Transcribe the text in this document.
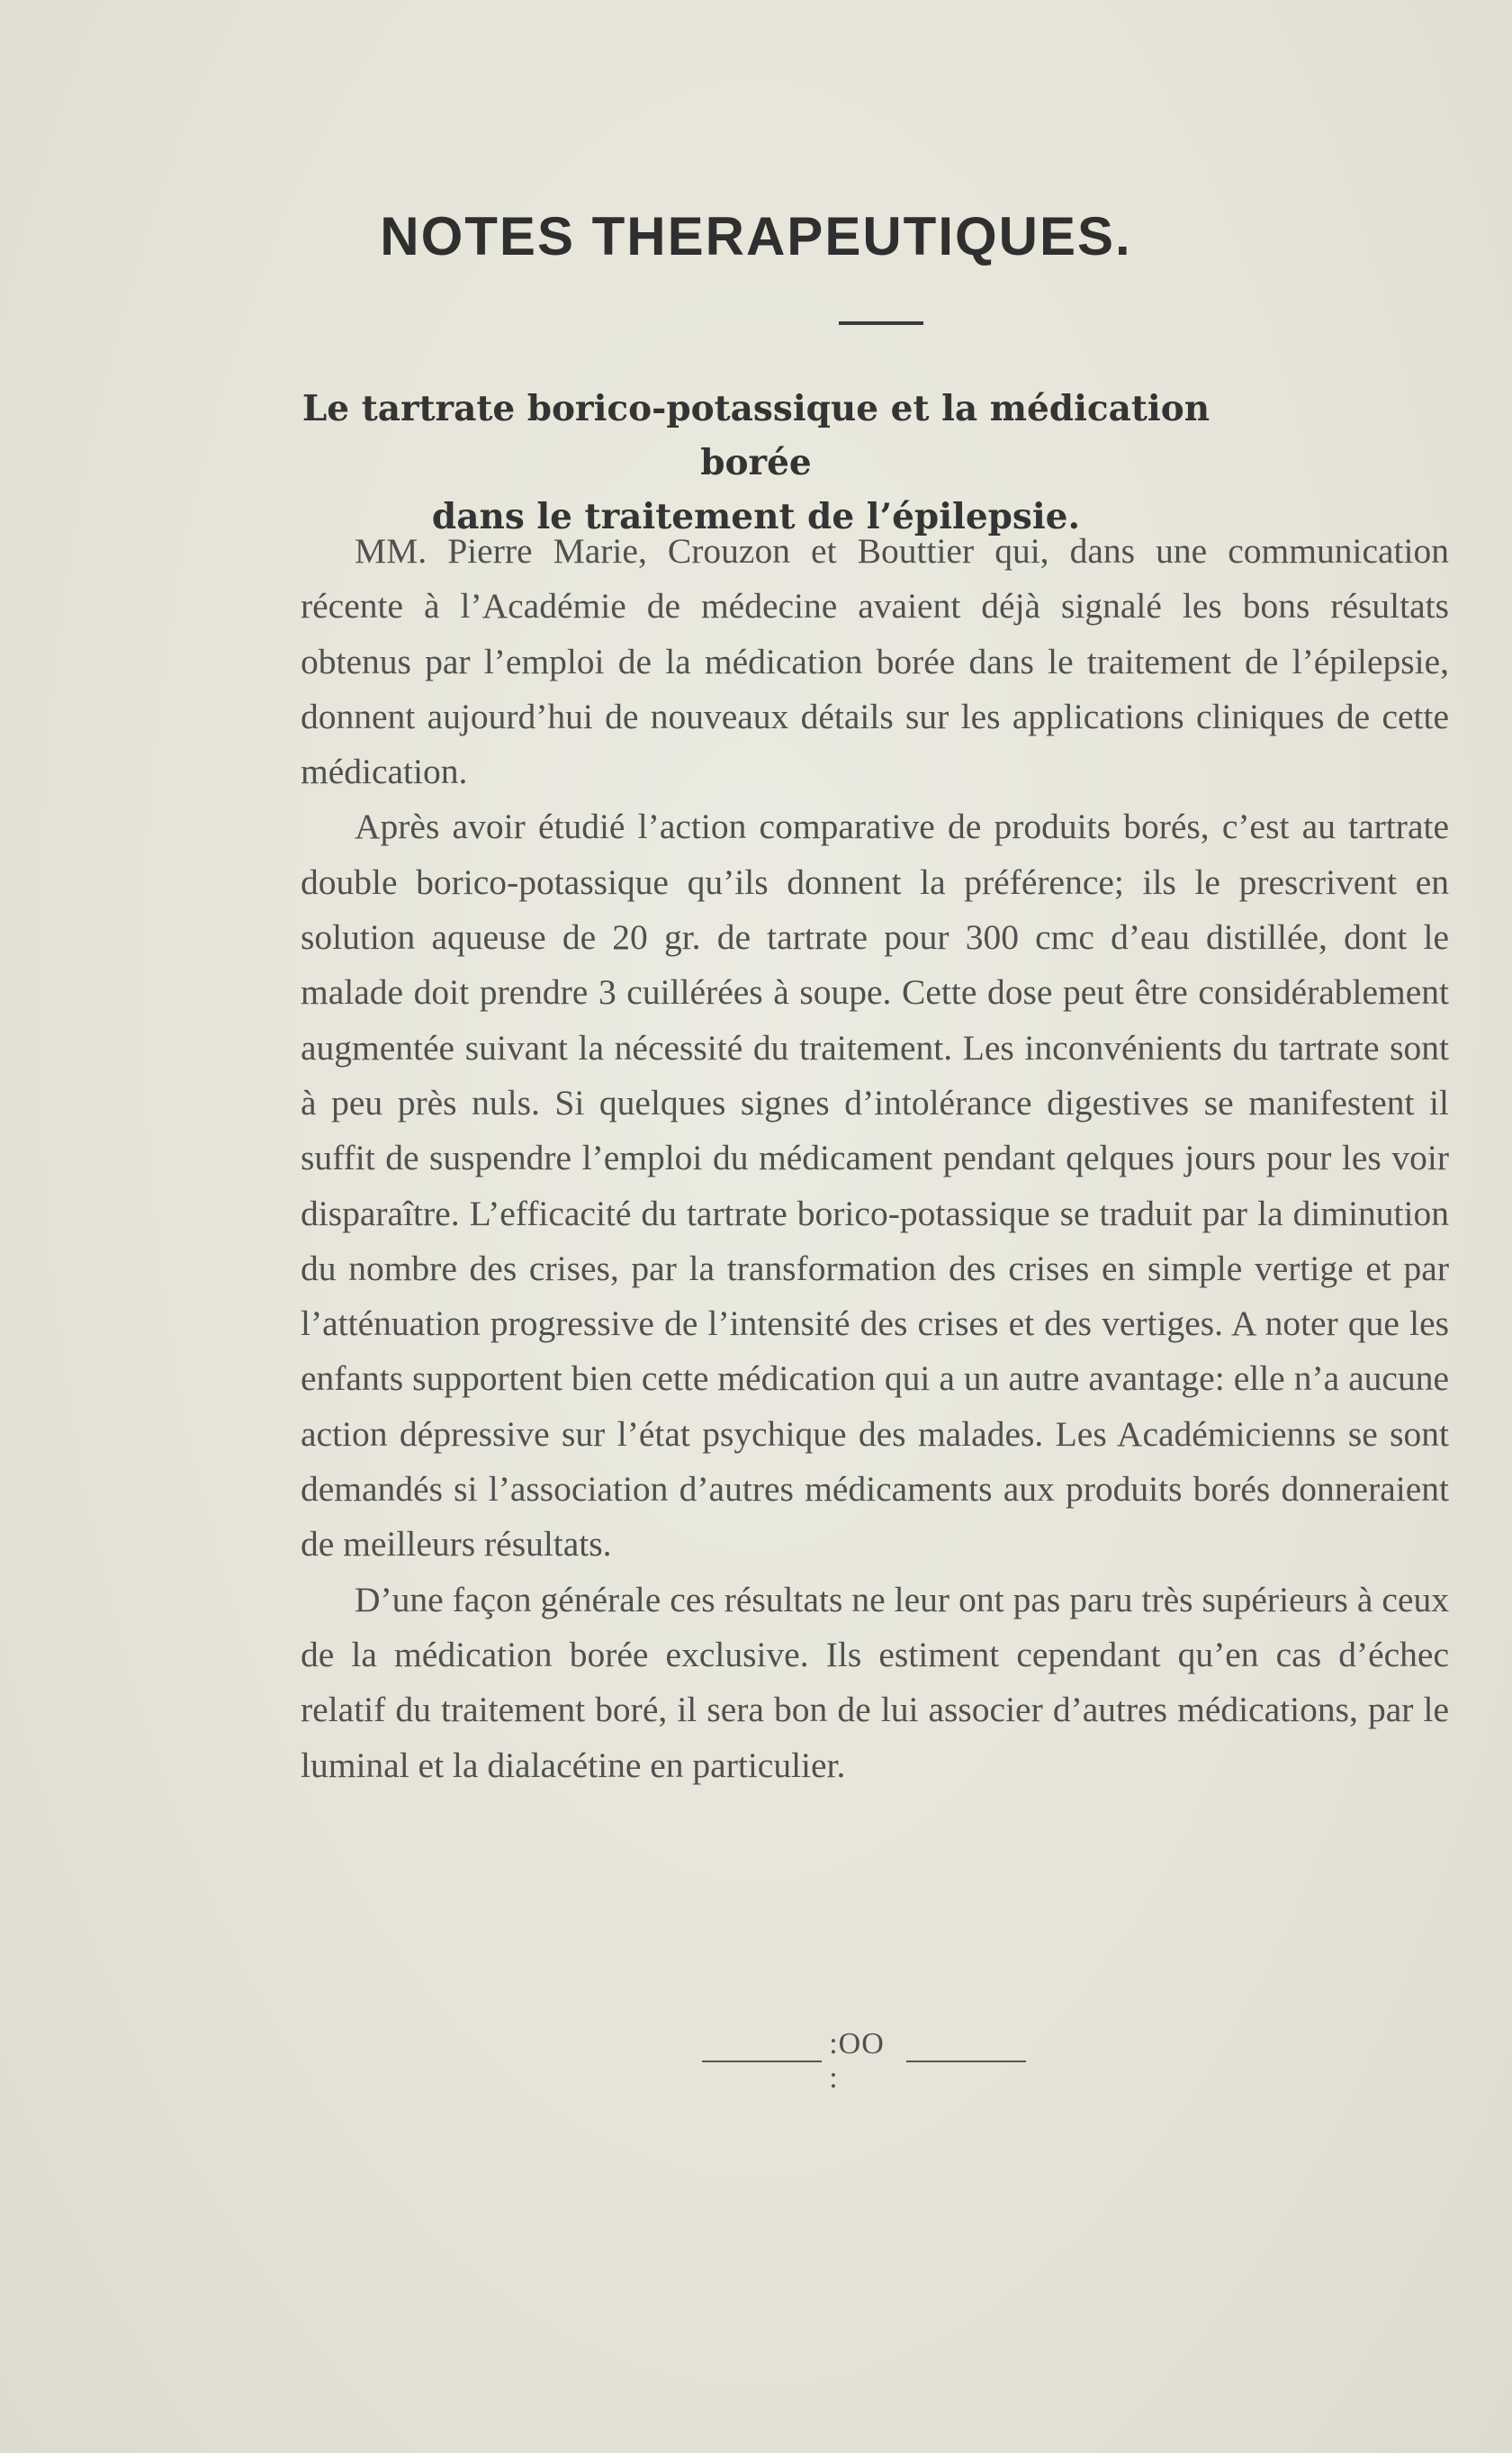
NOTES THERAPEUTIQUES.
Le tartrate borico-potassique et la médication borée
dans le traitement de l’épilepsie.

MM. Pierre Marie, Crouzon et Bouttier qui, dans une communication récente à l’Académie de médecine avaient déjà signalé les bons résultats obtenus par l’emploi de la médication borée dans le traitement de l’épilepsie, donnent aujourd’hui de nouveaux détails sur les applications cliniques de cette médication.

Après avoir étudié l’action comparative de produits borés, c’est au tartrate double borico-potassique qu’ils donnent la préférence; ils le prescrivent en solution aqueuse de 20 gr. de tartrate pour 300 cmc d’eau distillée, dont le malade doit prendre 3 cuillérées à soupe. Cette dose peut être considérablement augmentée suivant la nécessité du traitement. Les inconvénients du tartrate sont à peu près nuls. Si quelques signes d’intolérance digestives se manifestent il suffit de suspendre l’emploi du médicament pendant qelques jours pour les voir disparaître. L’efficacité du tartrate borico-potassique se traduit par la diminution du nombre des crises, par la transformation des crises en simple vertige et par l’atténuation progressive de l’intensité des crises et des vertiges. A noter que les enfants supportent bien cette médication qui a un autre avantage: elle n’a aucune action dépressive sur l’état psychique des malades. Les Académicienns se sont demandés si l’association d’autres médicaments aux produits borés donneraient de meilleurs résultats.

D’une façon générale ces résultats ne leur ont pas paru très supérieurs à ceux de la médication borée exclusive. Ils estiment cependant qu’en cas d’échec relatif du traitement boré, il sera bon de lui associer d’autres médications, par le luminal et la dialacétine en particulier.

:OO :
